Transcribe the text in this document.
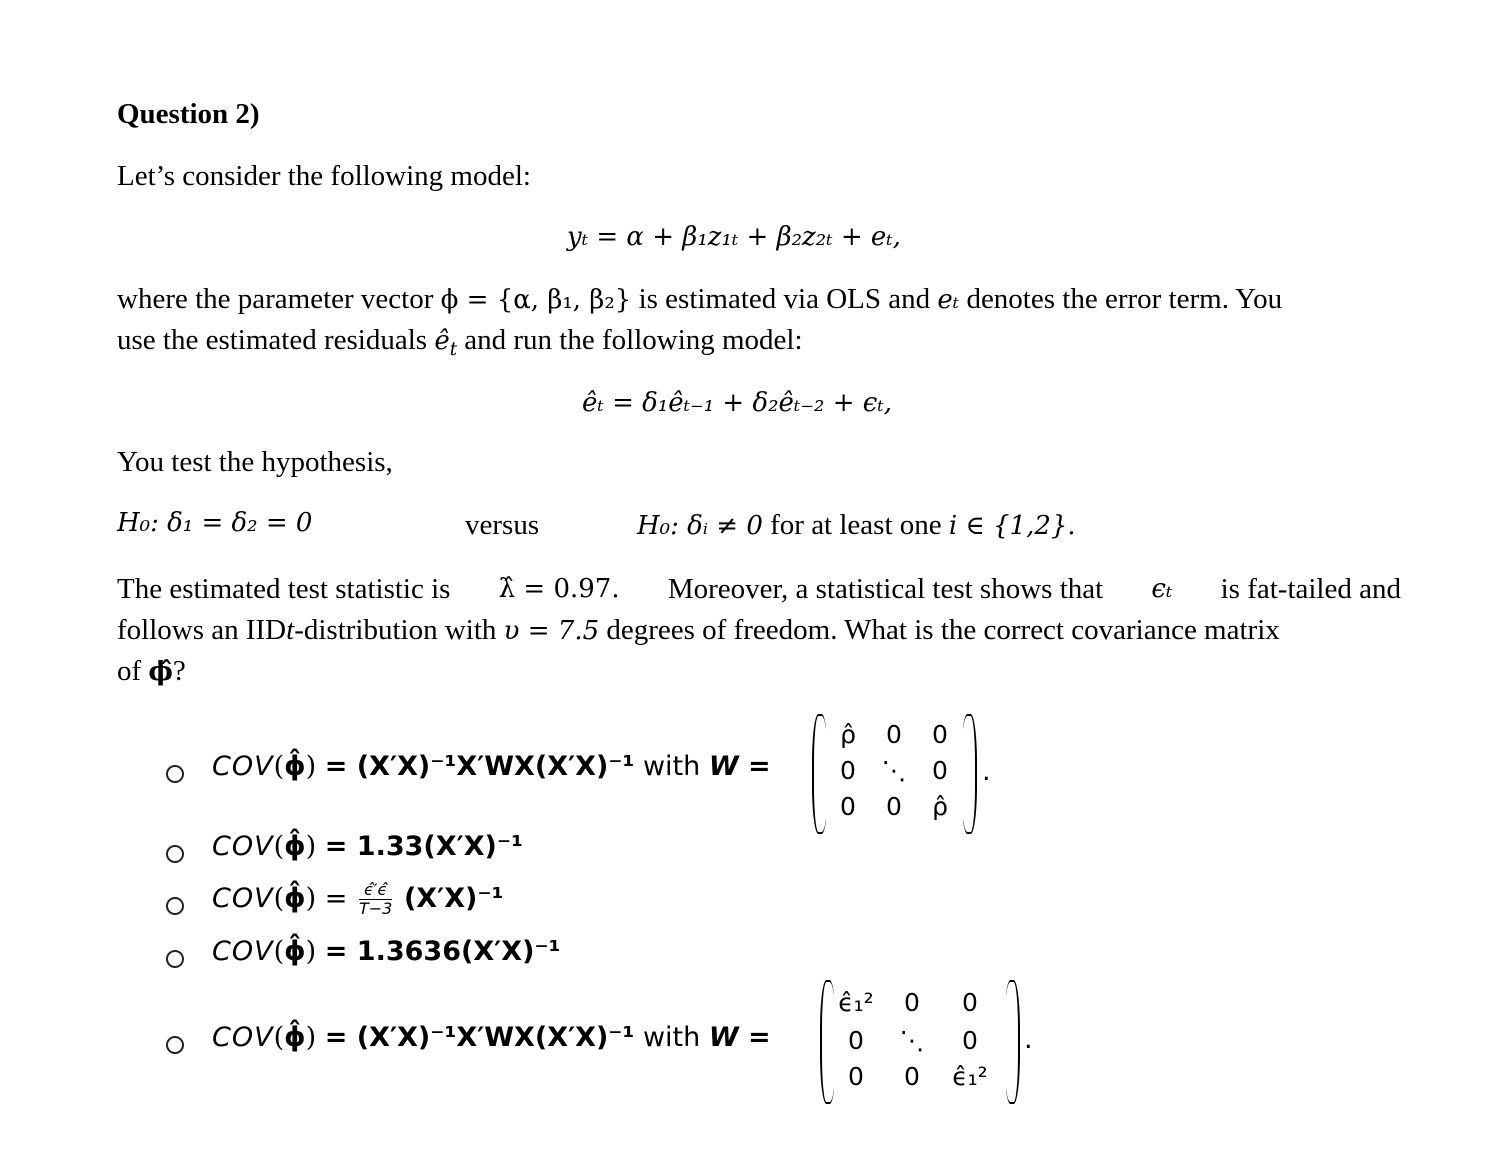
Question 2)
Let’s consider the following model:
yₜ = α + β₁z₁ₜ + β₂z₂ₜ + eₜ,
where the parameter vector ϕ = {α, β₁, β₂} is estimated via OLS and eₜ denotes the error term. You
use the estimated residuals $ê_t$ and run the following model:
êₜ = δ₁êₜ₋₁ + δ₂êₜ₋₂ + ϵₜ,
You test the hypothesis,
H₀: δ₁ = δ₂ = 0	versus	H₀: δᵢ ≠ 0 for at least one i ∈ {1,2}.
The estimated test statistic is λ̂ = 0.97. Moreover, a statistical test shows that ϵₜ is fat-tailed and
follows an IIDt-distribution with υ = 7.5 degrees of freedom. What is the correct covariance matrix
of ϕ̂?
COV(ϕ̂) = (X′X)⁻¹X′WX(X′X)⁻¹ with W =
ρ̂	0	0
0	⋱	0
0	0	ρ̂
.
COV(ϕ̂) = 1.33(X′X)⁻¹
COV(ϕ̂) = $\frac{\epsilon̂'\epsilon̂}{T-3} (X'X)^{-1}$
COV(ϕ̂) = 1.3636(X′X)⁻¹
COV(ϕ̂) = (X′X)⁻¹X′WX(X′X)⁻¹ with W =
ϵ̂₁²	0	0
0	⋱	0
0	0	ϵ̂₁²
.
